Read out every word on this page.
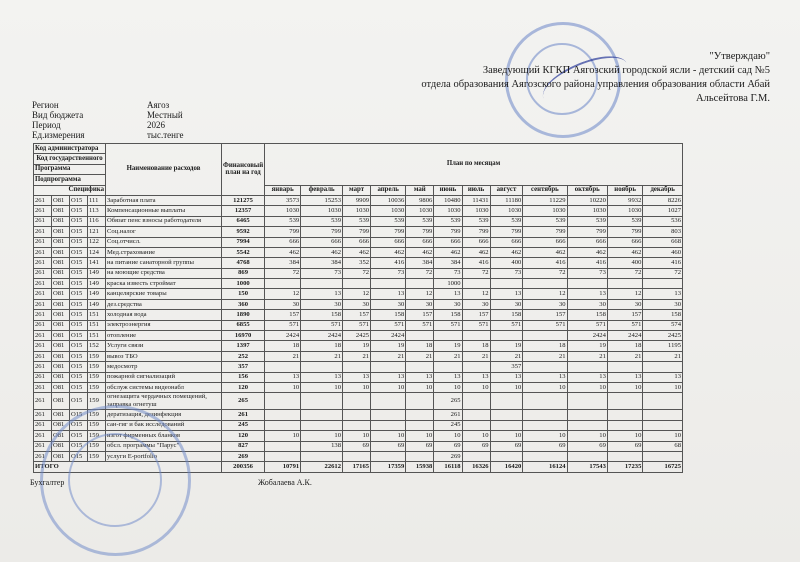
"Утверждаю"
Заведующий КГКП Аягозский городской ясли - детский сад №5
отдела образования Аягозского района управления образования области Абай
Альсейтова Г.М.
Регион	Аягоз
Вид бюджета	Местный
Период	2026
Ед.измерения	тыс.тенге
Код администратора				Наименование расходов	Финансовый план на год	План по месяцам											
Код государственного																	
Программа																	
Подпрограмма																	
Специфика						январь	февраль	март	апрель	май	июнь	июль	август	сентябрь	октябрь	ноябрь	декабрь
261	О81	О15	111	Заработная плата	121275	3573	15253	9909	10036	9806	10480	11431	11180	11229	10220	9932	8226
261	О81	О15	113	Компенсационные выплаты	12357	1030	1030	1030	1030	1030	1030	1030	1030	1030	1030	1030	1027
261	О81	О15	116	Обязат пенс взносы работодателя	6465	539	539	539	539	539	539	539	539	539	539	539	536
261	О81	О15	121	Соц.налог	9592	799	799	799	799	799	799	799	799	799	799	799	803
261	О81	О15	122	Соц.отчисл.	7994	666	666	666	666	666	666	666	666	666	666	666	668
261	О81	О15	124	Мед.страхование	5542	462	462	462	462	462	462	462	462	462	462	462	460
261	О81	О15	141	на питание санаторной группы	4768	384	384	352	416	384	384	416	400	416	416	400	416
261	О81	О15	149	на моющие средства	869	72	73	72	73	72	73	72	73	72	73	72	72
261	О81	О15	149	краска известь строймат	1000						1000						
261	О81	О15	149	канцелярские товары	150	12	13	12	13	12	13	12	13	12	13	12	13
261	О81	О15	149	дез.средства	360	30	30	30	30	30	30	30	30	30	30	30	30
261	О81	О15	151	холодная вода	1890	157	158	157	158	157	158	157	158	157	158	157	158
261	О81	О15	151	электроэнергия	6855	571	571	571	571	571	571	571	571	571	571	571	574
261	О81	О15	151	отопление	16970	2424	2424	2425	2424						2424	2424	2425
261	О81	О15	152	Услуги связи	1397	18	18	19	19	18	19	18	19	18	19	18	1195
261	О81	О15	159	вывоз ТБО	252	21	21	21	21	21	21	21	21	21	21	21	21
261	О81	О15	159	медосмотр	357								357				
261	О81	О15	159	пожарной сигнализаций	156	13	13	13	13	13	13	13	13	13	13	13	13
261	О81	О15	159	обслуж системы видеонабл	120	10	10	10	10	10	10	10	10	10	10	10	10
261	О81	О15	159	огнезащита чердачных помещений, заправка огнетуш	265						265						
261	О81	О15	159	дератизация, дезинфекция	261						261						
261	О81	О15	159	сан-гиг и бак исследований	245						245						
261	О81	О15	159	изгот фирменных бланков	120	10	10	10	10	10	10	10	10	10	10	10	10
261	О81	О15	159	обсл. программы "Парус"	827		138	69	69	69	69	69	69	69	69	69	68
261	О81	О15	159	услуги E-portfolio	269						269						
ИТОГО					200356	10791	22612	17165	17359	15938	16118	16326	16420	16124	17543	17235	16725
Бухгалтер	Жобалаева А.К.
